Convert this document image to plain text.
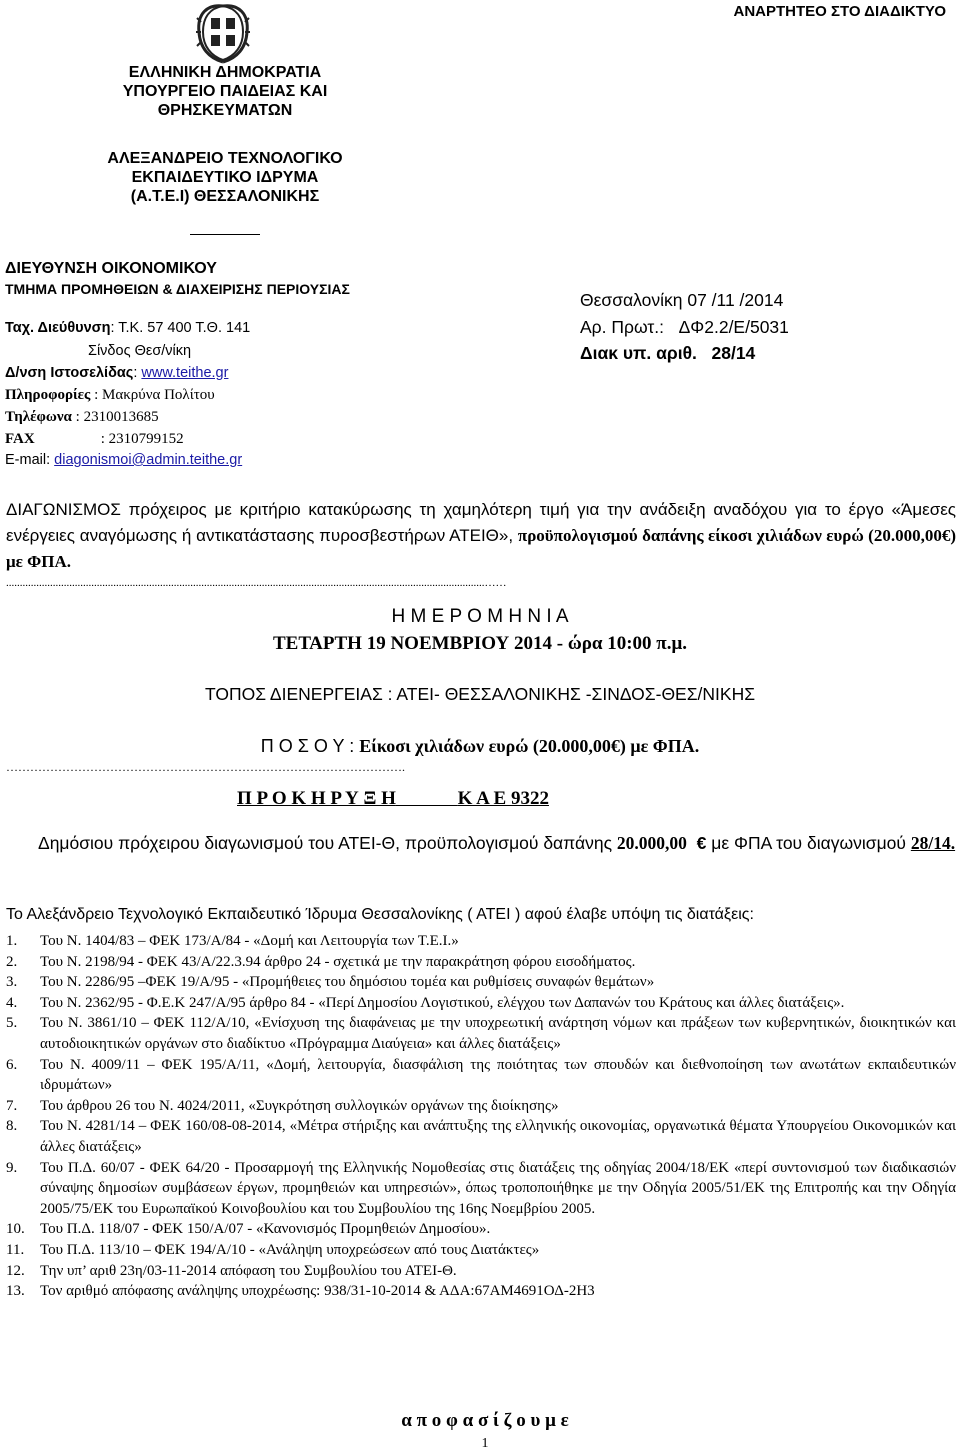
ΑΝΑΡΤΗΤΕΟ ΣΤΟ ΔΙΑΔΙΚΤΥΟ
ΕΛΛΗΝΙΚΗ ΔΗΜΟΚΡΑΤΙΑ
ΥΠΟΥΡΓΕΙΟ ΠΑΙΔΕΙΑΣ ΚΑΙ
ΘΡΗΣΚΕΥΜΑΤΩΝ
ΑΛΕΞΑΝΔΡΕΙΟ ΤΕΧΝΟΛΟΓΙΚΟ
ΕΚΠΑΙΔΕΥΤΙΚΟ ΙΔΡΥΜΑ
(Α.Τ.Ε.Ι) ΘΕΣΣΑΛΟΝΙΚΗΣ
ΔΙΕΥΘΥΝΣΗ ΟΙΚΟΝΟΜΙΚΟΥ
ΤΜΗΜΑ ΠΡΟΜΗΘΕΙΩΝ & ΔΙΑΧΕΙΡΙΣΗΣ ΠΕΡΙΟΥΣΙΑΣ
Ταχ. Διεύθυνση: Τ.Κ. 57 400 Τ.Θ. 141
Σίνδος Θεσ/νίκη
Δ/νση Ιστοσελίδας: www.teithe.gr
Πληροφορίες : Μακρύνα Πολίτου
Τηλέφωνα : 2310013685
FAX	: 2310799152
E-mail: diagonismoi@admin.teithe.gr
Θεσσαλονίκη 07 /11 /2014
Αρ. Πρωτ.: ΔΦ2.2/Ε/5031
Διακ υπ. αριθ. 28/14
ΔΙΑΓΩΝΙΣΜΟΣ πρόχειρος με κριτήριο κατακύρωσης τη χαμηλότερη τιμή για την ανάδειξη αναδόχου για το έργο «Άμεσες ενέργειες αναγόμωσης ή αντικατάστασης πυροσβεστήρων ΑΤΕΙΘ», προϋπολογισμού δαπάνης είκοσι χιλιάδων ευρώ (20.000,00€) με ΦΠΑ.
..............................................................................................................................................................................……
Η Μ Ε Ρ Ο Μ Η Ν Ι Α
ΤΕΤΑΡΤΗ 19 ΝΟΕΜΒΡΙΟΥ 2014 - ώρα 10:00 π.μ.
ΤΟΠΟΣ ΔΙΕΝΕΡΓΕΙΑΣ : ΑΤΕΙ- ΘΕΣΣΑΛΟΝΙΚΗΣ -ΣΙΝΔΟΣ-ΘΕΣ/ΝΙΚΗΣ
Π Ο Σ Ο Υ : Είκοσι χιλιάδων ευρώ (20.000,00€) με ΦΠΑ.
……………………………………………………………………………………….
Π Ρ Ο Κ Η Ρ Υ Ξ Η	Κ Α Ε 9322
Δημόσιου πρόχειρου διαγωνισμού του ΑΤΕΙ-Θ, προϋπολογισμού δαπάνης 20.000,00 € με ΦΠΑ του διαγωνισμού 28/14.
Το Αλεξάνδρειο Τεχνολογικό Εκπαιδευτικό Ίδρυμα Θεσσαλονίκης ( ΑΤΕΙ ) αφού έλαβε υπόψη τις διατάξεις:
1.	Του Ν. 1404/83 – ΦΕΚ 173/Α/84 - «Δομή και Λειτουργία των Τ.Ε.Ι.»
2.	Του Ν. 2198/94 - ΦΕΚ 43/Α/22.3.94 άρθρο 24 - σχετικά με την παρακράτηση φόρου εισοδήματος.
3.	Του Ν. 2286/95 –ΦΕΚ 19/Α/95 - «Προμήθειες του δημόσιου τομέα και ρυθμίσεις συναφών θεμάτων»
4.	Του Ν. 2362/95 - Φ.Ε.Κ 247/Α/95 άρθρο 84 - «Περί Δημοσίου Λογιστικού, ελέγχου των Δαπανών του Κράτους και άλλες διατάξεις».
5.	Του Ν. 3861/10 – ΦΕΚ 112/Α/10, «Ενίσχυση της διαφάνειας με την υποχρεωτική ανάρτηση νόμων και πράξεων των κυβερνητικών, διοικητικών και αυτοδιοικητικών οργάνων στο διαδίκτυο «Πρόγραμμα Διαύγεια» και άλλες διατάξεις»
6.	Του Ν. 4009/11 – ΦΕΚ 195/Α/11, «Δομή, λειτουργία, διασφάλιση της ποιότητας των σπουδών και διεθνοποίηση των ανωτάτων εκπαιδευτικών ιδρυμάτων»
7.	Του άρθρου 26 του Ν. 4024/2011, «Συγκρότηση συλλογικών οργάνων της διοίκησης»
8.	Του Ν. 4281/14 – ΦΕΚ 160/08-08-2014, «Μέτρα στήριξης και ανάπτυξης της ελληνικής οικονομίας, οργανωτικά θέματα Υπουργείου Οικονομικών και άλλες διατάξεις»
9.	Του Π.Δ. 60/07 - ΦΕΚ 64/20 - Προσαρμογή της Ελληνικής Νομοθεσίας στις διατάξεις της οδηγίας 2004/18/ΕΚ «περί συντονισμού των διαδικασιών σύναψης δημοσίων συμβάσεων έργων, προμηθειών και υπηρεσιών», όπως τροποποιήθηκε με την Οδηγία 2005/51/ΕΚ της Επιτροπής και την Οδηγία 2005/75/ΕΚ του Ευρωπαϊκού Κοινοβουλίου και του Συμβουλίου της 16ης Νοεμβρίου 2005.
10.	Του Π.Δ. 118/07 - ΦΕΚ 150/Α/07 - «Κανονισμός Προμηθειών Δημοσίου».
11.	Του Π.Δ. 113/10 – ΦΕΚ 194/Α/10 - «Ανάληψη υποχρεώσεων από τους Διατάκτες»
12.	Την υπ’ αριθ 23η/03-11-2014 απόφαση του Συμβουλίου του ΑΤΕΙ-Θ.
13.	Τον αριθμό απόφασης ανάληψης υποχρέωσης: 938/31-10-2014 & ΑΔΑ:67ΑΜ4691ΟΔ-2Η3
α π ο φ α σ ί ζ ο υ μ ε
1
